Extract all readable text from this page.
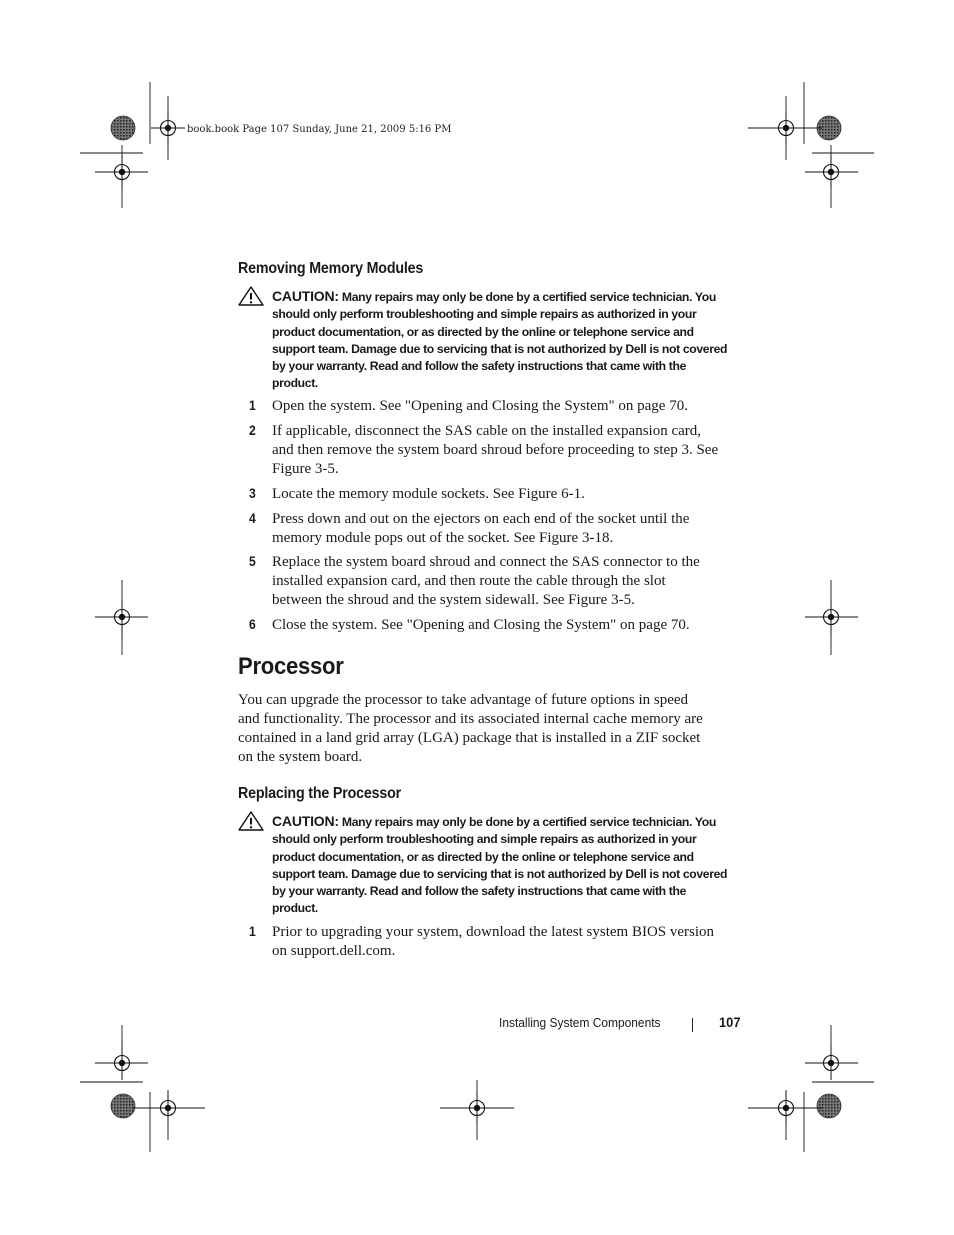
book.book Page 107 Sunday, June 21, 2009 5:16 PM
Removing Memory Modules
CAUTION: Many repairs may only be done by a certified service technician. You
should only perform troubleshooting and simple repairs as authorized in your
product documentation, or as directed by the online or telephone service and
support team. Damage due to servicing that is not authorized by Dell is not covered
by your warranty. Read and follow the safety instructions that came with the
product.
1 Open the system. See "Opening and Closing the System" on page 70.
2 If applicable, disconnect the SAS cable on the installed expansion card,
and then remove the system board shroud before proceeding to step 3. See
Figure 3-5.
3 Locate the memory module sockets. See Figure 6-1.
4 Press down and out on the ejectors on each end of the socket until the
memory module pops out of the socket. See Figure 3-18.
5 Replace the system board shroud and connect the SAS connector to the
installed expansion card, and then route the cable through the slot
between the shroud and the system sidewall. See Figure 3-5.
6 Close the system. See "Opening and Closing the System" on page 70.
Processor
You can upgrade the processor to take advantage of future options in speed
and functionality. The processor and its associated internal cache memory are
contained in a land grid array (LGA) package that is installed in a ZIF socket
on the system board.
Replacing the Processor
CAUTION: Many repairs may only be done by a certified service technician. You
should only perform troubleshooting and simple repairs as authorized in your
product documentation, or as directed by the online or telephone service and
support team. Damage due to servicing that is not authorized by Dell is not covered
by your warranty. Read and follow the safety instructions that came with the
product.
1 Prior to upgrading your system, download the latest system BIOS version
on support.dell.com.
Installing System Components	107
